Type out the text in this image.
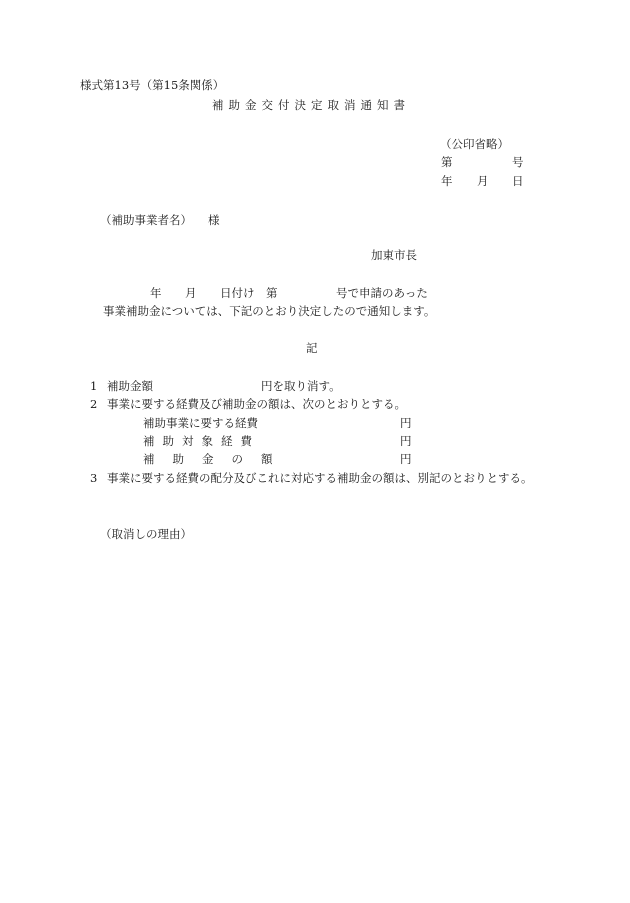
様式第13号（第15条関係）
補助金交付決定取消通知書
（公印省略）
第	号
年 月 日
（補助事業者名） 様
加東市長
年 月 日付け 第	号で申請のあった
事業補助金については、下記のとおり決定したので通知します。
記
1 補助金額	円を取り消す。
2 事業に要する経費及び補助金の額は、次のとおりとする。
補助事業に要する経費	円
補助対象経費	円
補助金の額	円
3 事業に要する経費の配分及びこれに対応する補助金の額は、別記のとおりとする。
（取消しの理由）
